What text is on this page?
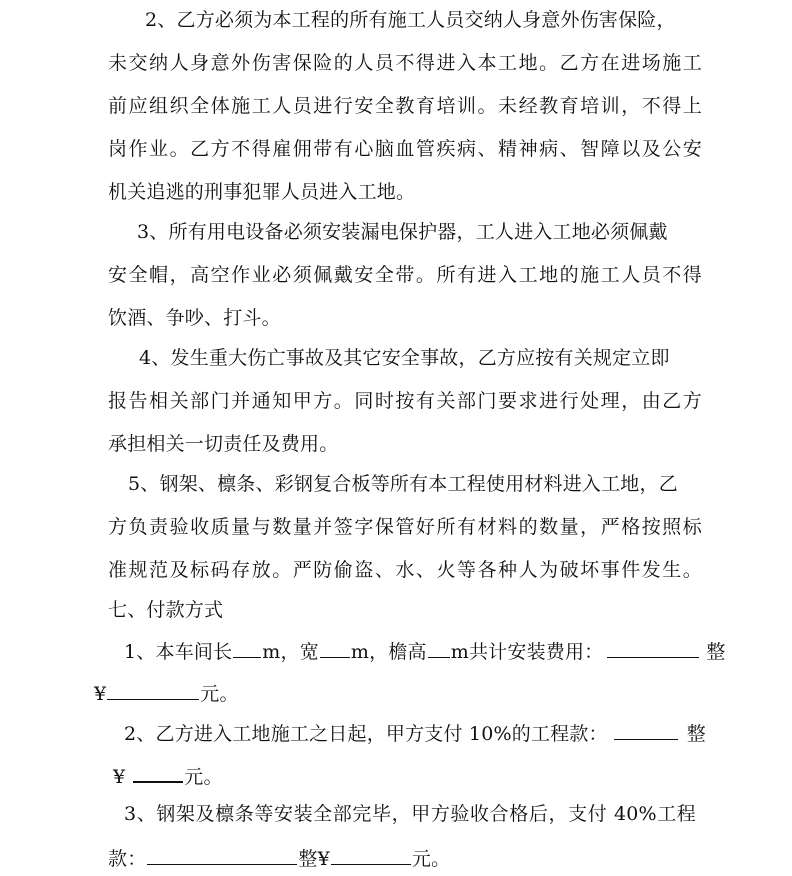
2、乙方必须为本工程的所有施工人员交纳人身意外伤害保险，
未交纳人身意外伤害保险的人员不得进入本工地。乙方在进场施工
前应组织全体施工人员进行安全教育培训。未经教育培训，不得上
岗作业。乙方不得雇佣带有心脑血管疾病、精神病、智障以及公安
机关追逃的刑事犯罪人员进入工地。
3、所有用电设备必须安装漏电保护器，工人进入工地必须佩戴
安全帽，高空作业必须佩戴安全带。所有进入工地的施工人员不得
饮酒、争吵、打斗。
4、发生重大伤亡事故及其它安全事故，乙方应按有关规定立即
报告相关部门并通知甲方。同时按有关部门要求进行处理，由乙方
承担相关一切责任及费用。
5、钢架、檩条、彩钢复合板等所有本工程使用材料进入工地，乙
方负责验收质量与数量并签字保管好所有材料的数量，严格按照标
准规范及标码存放。严防偷盗、水、火等各种人为破坏事件发生。
七、付款方式
1、本车间长 m，宽 m，檐高 m共计安装费用：	整
¥	元。
2、乙方进入工地施工之日起，甲方支付 10%的工程款：	整
¥	元。
3、钢架及檩条等安装全部完毕，甲方验收合格后，支付 40%工程
款：	整¥	元。
